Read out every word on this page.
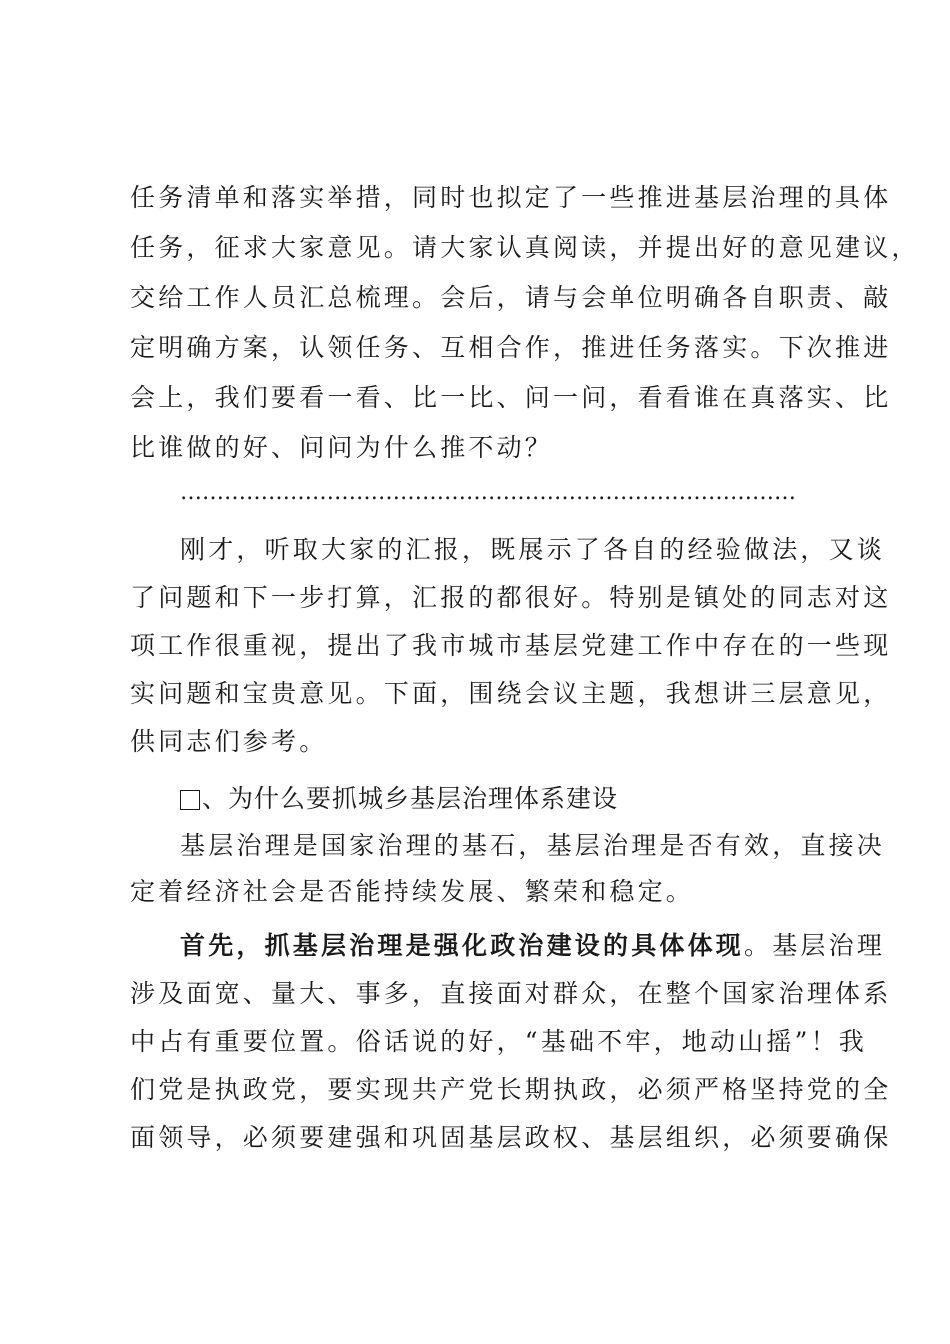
任务清单和落实举措，同时也拟定了一些推进基层治理的具体
任务，征求大家意见。请大家认真阅读，并提出好的意见建议，
交给工作人员汇总梳理。会后，请与会单位明确各自职责、敲
定明确方案，认领任务、互相合作，推进任务落实。下次推进
会上，我们要看一看、比一比、问一问，看看谁在真落实、比
比谁做的好、问问为什么推不动？
…………………………………………………………………………
刚才，听取大家的汇报，既展示了各自的经验做法，又谈
了问题和下一步打算，汇报的都很好。特别是镇处的同志对这
项工作很重视，提出了我市城市基层党建工作中存在的一些现
实问题和宝贵意见。下面，围绕会议主题，我想讲三层意见，
供同志们参考。
、为什么要抓城乡基层治理体系建设
基层治理是国家治理的基石，基层治理是否有效，直接决
定着经济社会是否能持续发展、繁荣和稳定。
首先，抓基层治理是强化政治建设的具体体现。基层治理
涉及面宽、量大、事多，直接面对群众，在整个国家治理体系
中占有重要位置。俗话说的好，“基础不牢，地动山摇”！我
们党是执政党，要实现共产党长期执政，必须严格坚持党的全
面领导，必须要建强和巩固基层政权、基层组织，必须要确保
